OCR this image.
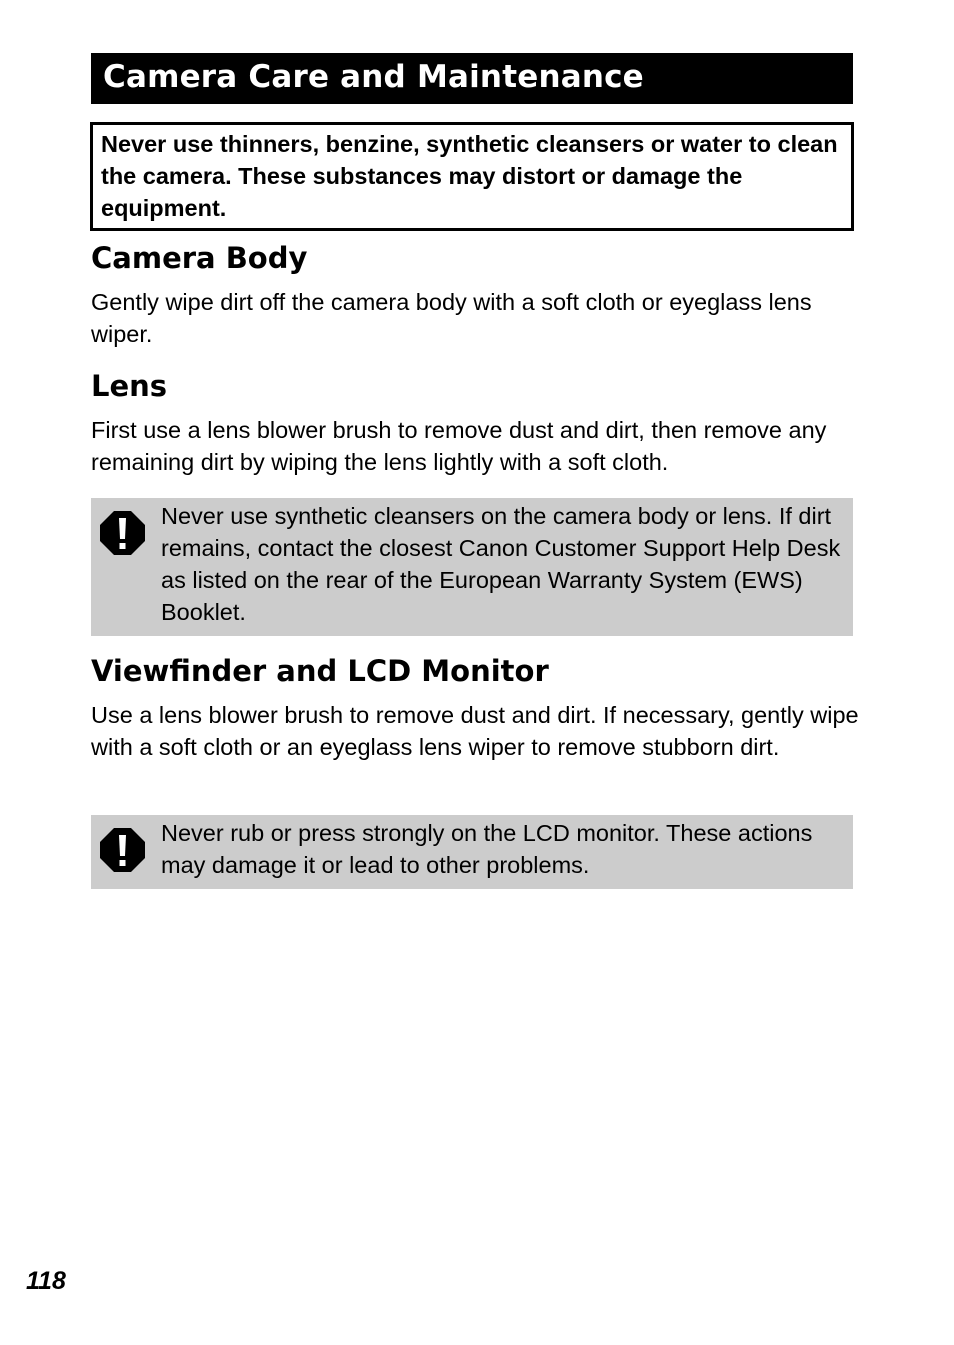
Camera Care and Maintenance
Never use thinners, benzine, synthetic cleansers or water to clean the camera. These substances may distort or damage the equipment.
Camera Body
Gently wipe dirt off the camera body with a soft cloth or eyeglass lens wiper.
Lens
First use a lens blower brush to remove dust and dirt, then remove any remaining dirt by wiping the lens lightly with a soft cloth.
Never use synthetic cleansers on the camera body or lens. If dirt remains, contact the closest Canon Customer Support Help Desk as listed on the rear of the European Warranty System (EWS) Booklet.
Viewfinder and LCD Monitor
Use a lens blower brush to remove dust and dirt. If necessary, gently wipe with a soft cloth or an eyeglass lens wiper to remove stubborn dirt.
Never rub or press strongly on the LCD monitor. These actions may damage it or lead to other problems.
118
